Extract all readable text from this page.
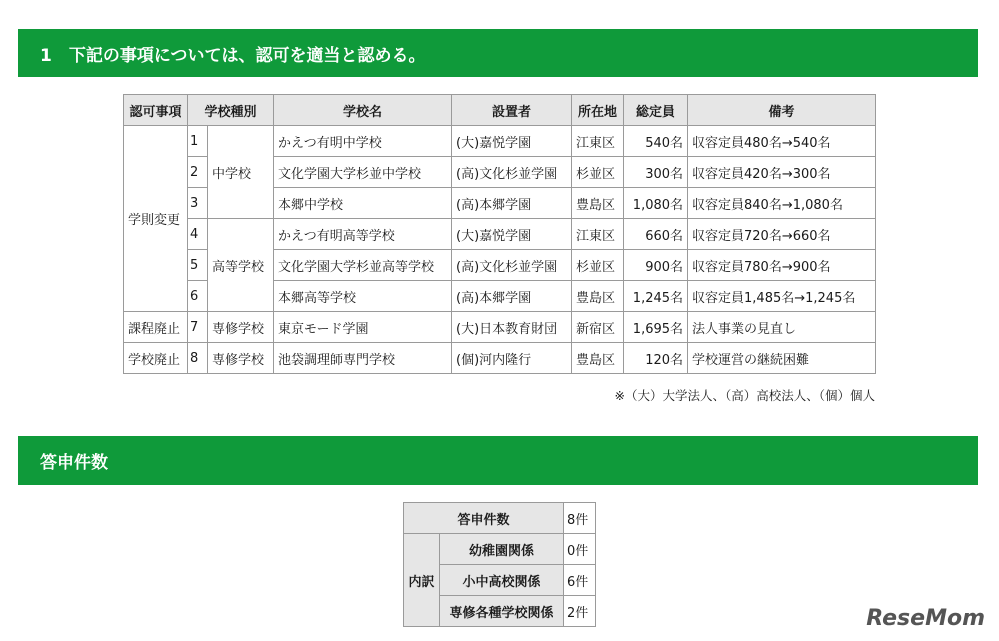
1　下記の事項については、認可を適当と認める。
認可事項	学校種別		学校名	設置者	所在地	総定員	備考
学則変更	1	中学校	かえつ有明中学校	(大)嘉悦学園	江東区	540名	収容定員480名→540名
	2		文化学園大学杉並中学校	(高)文化杉並学園	杉並区	300名	収容定員420名→300名
	3		本郷中学校	(高)本郷学園	豊島区	1,080名	収容定員840名→1,080名
	4	高等学校	かえつ有明高等学校	(大)嘉悦学園	江東区	660名	収容定員720名→660名
	5		文化学園大学杉並高等学校	(高)文化杉並学園	杉並区	900名	収容定員780名→900名
	6		本郷高等学校	(高)本郷学園	豊島区	1,245名	収容定員1,485名→1,245名
課程廃止	7	専修学校	東京モード学園	(大)日本教育財団	新宿区	1,695名	法人事業の見直し
学校廃止	8	専修学校	池袋調理師専門学校	(個)河内隆行	豊島区	120名	学校運営の継続困難
※（大）大学法人、（高）高校法人、（個）個人
答申件数
答申件数		8件
内訳	幼稚園関係	0件
	小中高校関係	6件
	専修各種学校関係	2件	ReseMom
